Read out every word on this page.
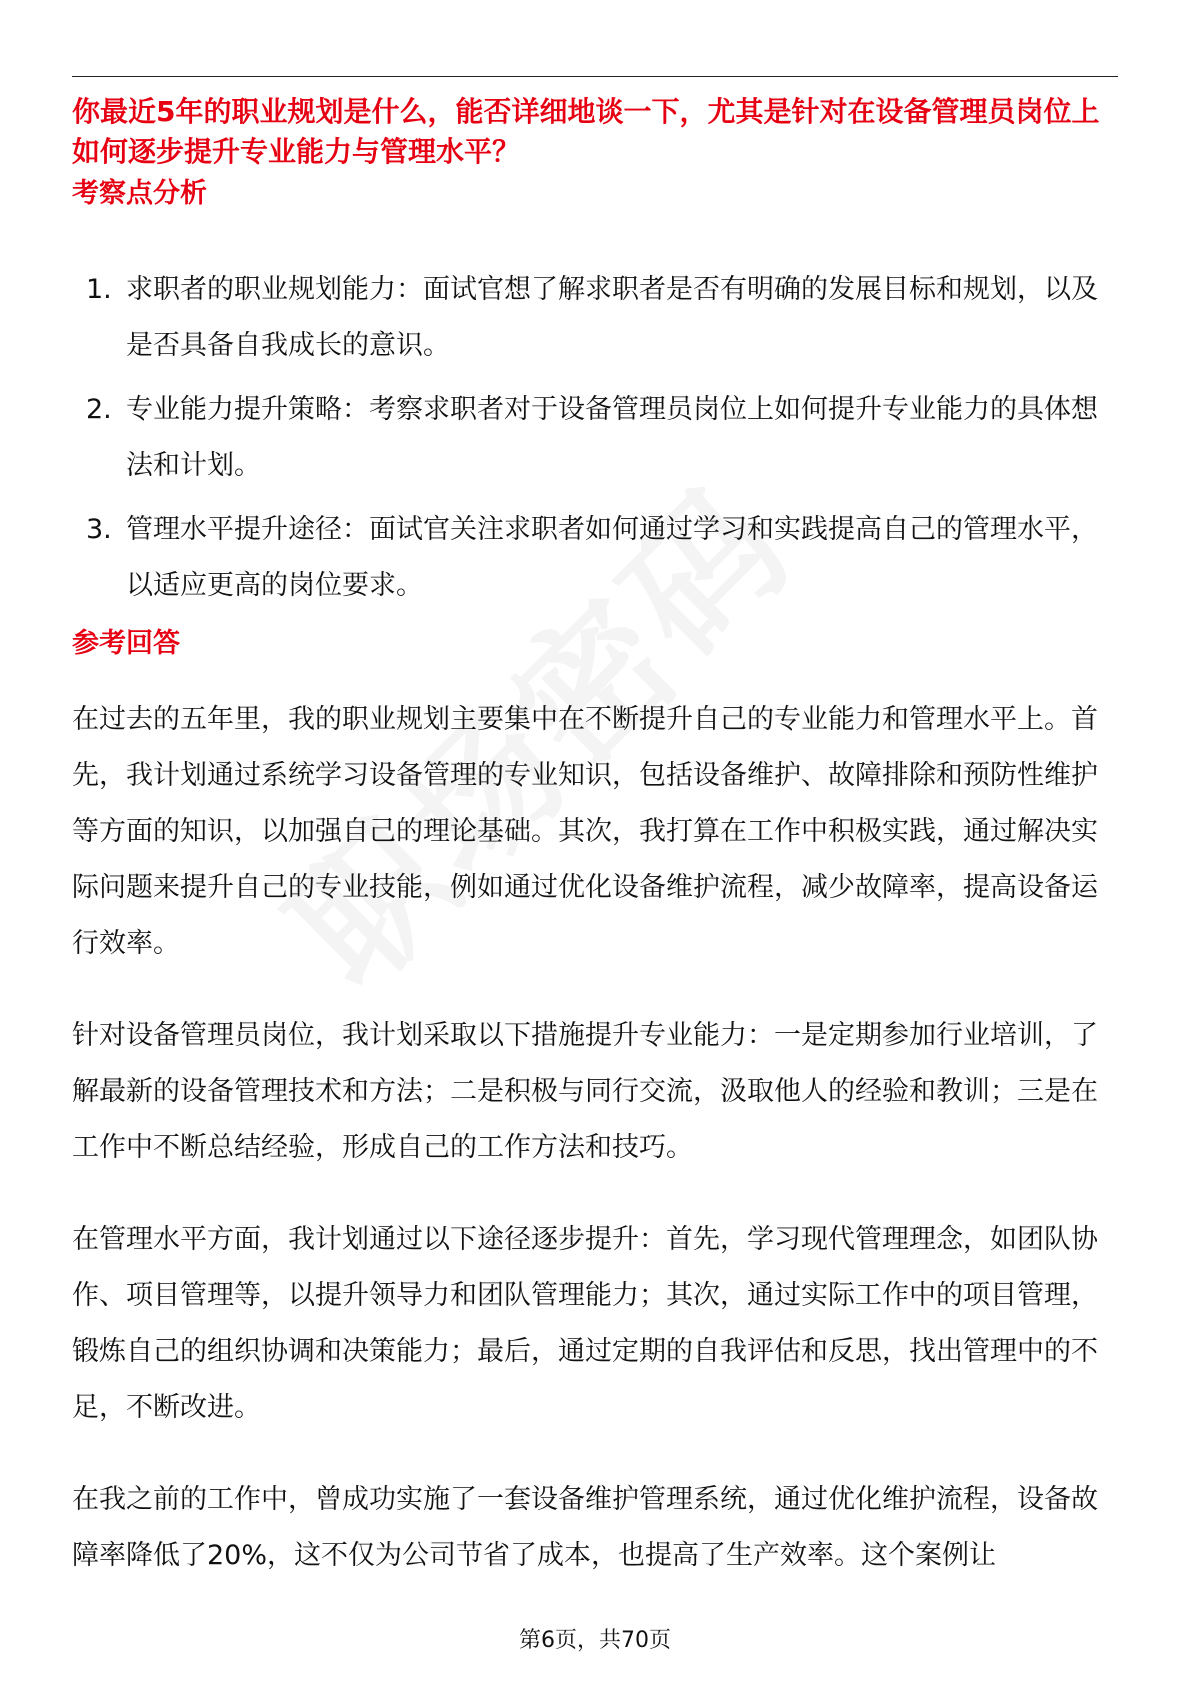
你最近5年的职业规划是什么，能否详细地谈一下，尤其是针对在设备管理员岗位上如何逐步提升专业能力与管理水平？
考察点分析
1. 求职者的职业规划能力：面试官想了解求职者是否有明确的发展目标和规划，以及是否具备自我成长的意识。
2. 专业能力提升策略：考察求职者对于设备管理员岗位上如何提升专业能力的具体想法和计划。
3. 管理水平提升途径：面试官关注求职者如何通过学习和实践提高自己的管理水平，以适应更高的岗位要求。
参考回答

在过去的五年里，我的职业规划主要集中在不断提升自己的专业能力和管理水平上。首先，我计划通过系统学习设备管理的专业知识，包括设备维护、故障排除和预防性维护等方面的知识，以加强自己的理论基础。其次，我打算在工作中积极实践，通过解决实际问题来提升自己的专业技能，例如通过优化设备维护流程，减少故障率，提高设备运行效率。

针对设备管理员岗位，我计划采取以下措施提升专业能力：一是定期参加行业培训，了解最新的设备管理技术和方法；二是积极与同行交流，汲取他人的经验和教训；三是在工作中不断总结经验，形成自己的工作方法和技巧。

在管理水平方面，我计划通过以下途径逐步提升：首先，学习现代管理理念，如团队协作、项目管理等，以提升领导力和团队管理能力；其次，通过实际工作中的项目管理，锻炼自己的组织协调和决策能力；最后，通过定期的自我评估和反思，找出管理中的不足，不断改进。

在我之前的工作中，曾成功实施了一套设备维护管理系统，通过优化维护流程，设备故障率降低了20%，这不仅为公司节省了成本，也提高了生产效率。这个案例让

第6页，共70页
